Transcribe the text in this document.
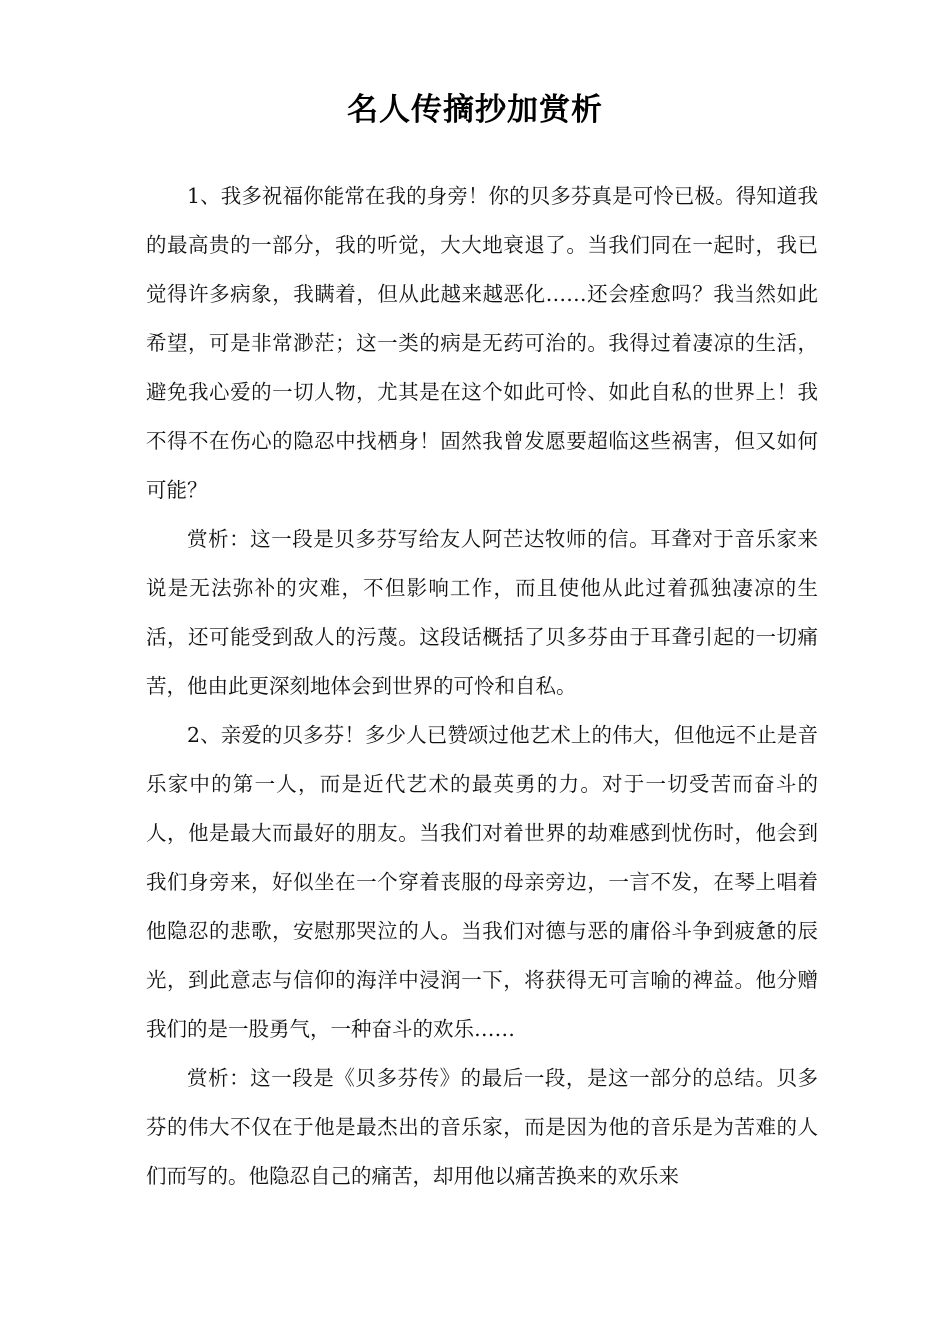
名人传摘抄加赏析

1、我多祝福你能常在我的身旁！你的贝多芬真是可怜已极。得知道我的最高贵的一部分，我的听觉，大大地衰退了。当我们同在一起时，我已觉得许多病象，我瞒着，但从此越来越恶化……还会痊愈吗？我当然如此希望，可是非常渺茫；这一类的病是无药可治的。我得过着凄凉的生活，避免我心爱的一切人物，尤其是在这个如此可怜、如此自私的世界上！我不得不在伤心的隐忍中找栖身！固然我曾发愿要超临这些祸害，但又如何可能？

赏析：这一段是贝多芬写给友人阿芒达牧师的信。耳聋对于音乐家来说是无法弥补的灾难，不但影响工作，而且使他从此过着孤独凄凉的生活，还可能受到敌人的污蔑。这段话概括了贝多芬由于耳聋引起的一切痛苦，他由此更深刻地体会到世界的可怜和自私。

2、亲爱的贝多芬！多少人已赞颂过他艺术上的伟大，但他远不止是音乐家中的第一人，而是近代艺术的最英勇的力。对于一切受苦而奋斗的人，他是最大而最好的朋友。当我们对着世界的劫难感到忧伤时，他会到我们身旁来，好似坐在一个穿着丧服的母亲旁边，一言不发，在琴上唱着他隐忍的悲歌，安慰那哭泣的人。当我们对德与恶的庸俗斗争到疲惫的辰光，到此意志与信仰的海洋中浸润一下，将获得无可言喻的裨益。他分赠我们的是一股勇气，一种奋斗的欢乐……

赏析：这一段是《贝多芬传》的最后一段，是这一部分的总结。贝多芬的伟大不仅在于他是最杰出的音乐家，而是因为他的音乐是为苦难的人们而写的。他隐忍自己的痛苦，却用他以痛苦换来的欢乐来
